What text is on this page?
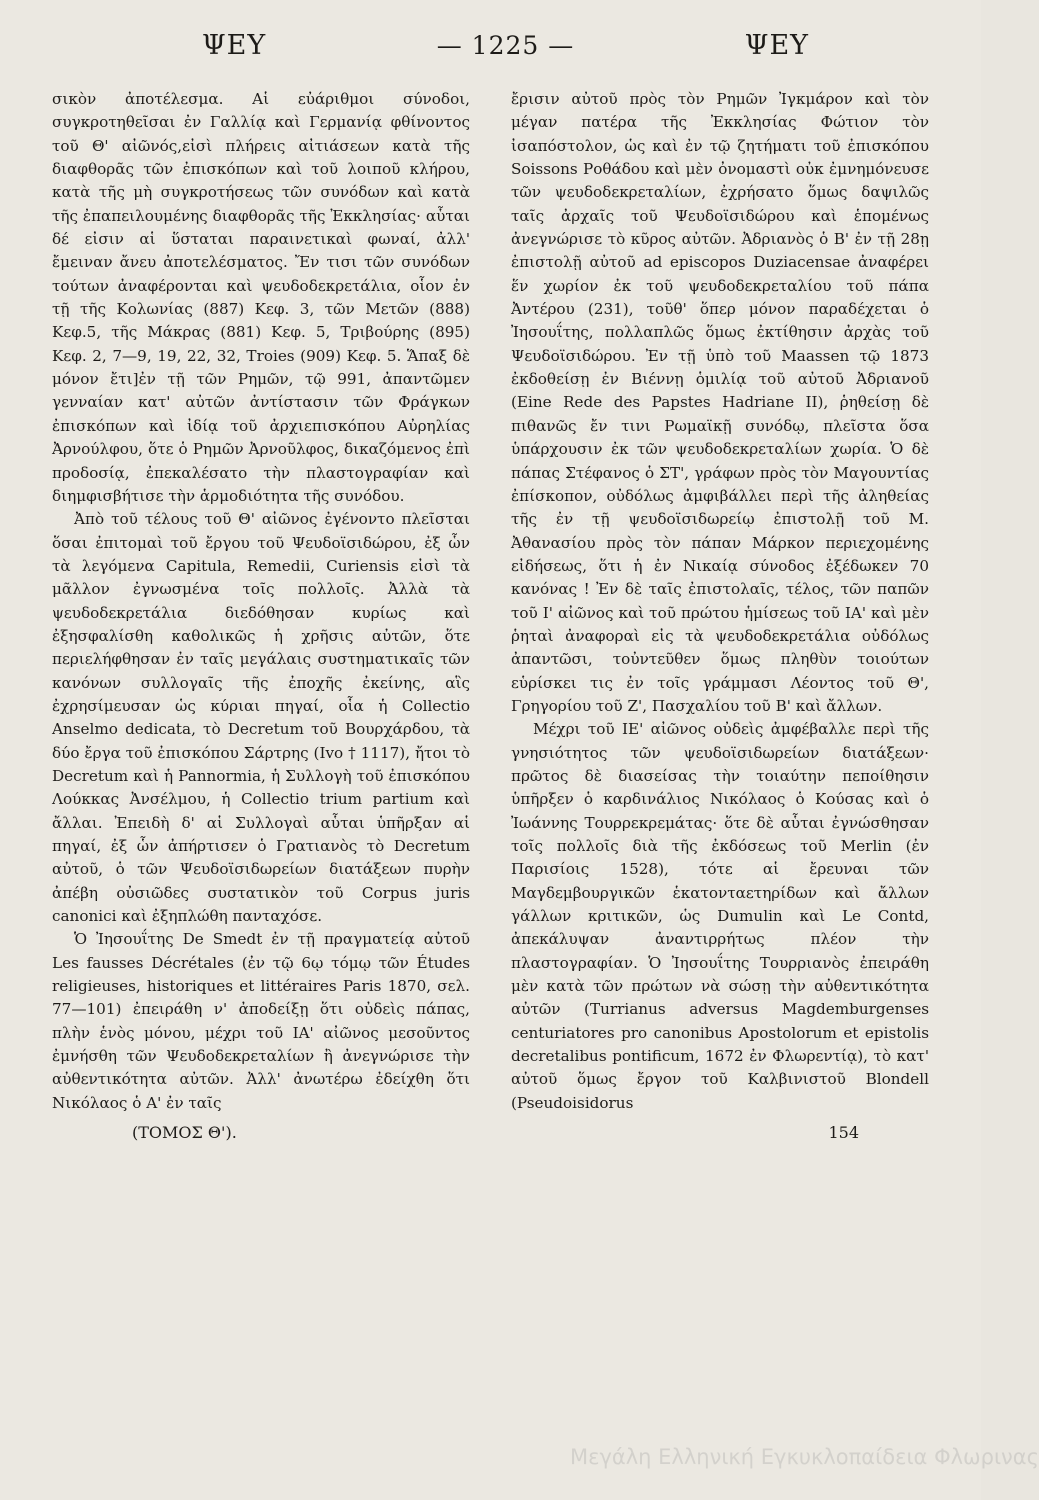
ΨΕΥ	— 1225 —	ΨΕΥ

σικὸν ἀποτέλεσμα. Αἱ εὐάριθμοι σύνοδοι, συγκροτηθεῖσαι ἐν Γαλλίᾳ καὶ Γερμανίᾳ φθίνοντος τοῦ Θ' αἰῶνός,εἰσὶ πλήρεις αἰτιάσεων κατὰ τῆς διαφθορᾶς τῶν ἐπισκόπων καὶ τοῦ λοιποῦ κλήρου, κατὰ τῆς μὴ συγκροτήσεως τῶν συνόδων καὶ κατὰ τῆς ἐπαπειλουμένης διαφθορᾶς τῆς Ἐκκλησίας· αὗται δέ εἰσιν αἱ ὕσταται παραινετικαὶ φωναί, ἀλλ' ἔμειναν ἄνευ ἀποτελέσματος. Ἔν τισι τῶν συνόδων τούτων ἀναφέρονται καὶ ψευδοδεκρετάλια, οἷον ἐν τῇ τῆς Κολωνίας (887) Κεφ. 3, τῶν Μετῶν (888) Κεφ.5, τῆς Μάκρας (881) Κεφ. 5, Τριβούρης (895) Κεφ. 2, 7—9, 19, 22, 32, Troies (909) Κεφ. 5. Ἅπαξ δὲ μόνον ἔτι]ἐν τῇ τῶν Ρημῶν, τῷ 991, ἀπαντῶμεν γενναίαν κατ' αὐτῶν ἀντίστασιν τῶν Φράγκων ἐπισκόπων καὶ ἰδίᾳ τοῦ ἀρχιεπισκόπου Αὐρηλίας Ἀρνούλφου, ὅτε ὁ Ρημῶν Ἀρνοῦλφος, δικαζόμενος ἐπὶ προδοσίᾳ, ἐπεκαλέσατο τὴν πλαστογραφίαν καὶ διημφισβήτισε τὴν ἁρμοδιότητα τῆς συνόδου.

Ἀπὸ τοῦ τέλους τοῦ Θ' αἰῶνος ἐγένοντο πλεῖσται ὅσαι ἐπιτομαὶ τοῦ ἔργου τοῦ Ψευδοϊσιδώρου, ἐξ ὧν τὰ λεγόμενα Capitula, Remedii, Curiensis εἰσὶ τὰ μᾶλλον ἐγνωσμένα τοῖς πολλοῖς. Ἀλλὰ τὰ ψευδοδεκρετάλια διεδόθησαν κυρίως καὶ ἐξησφαλίσθη καθολικῶς ἡ χρῆσις αὐτῶν, ὅτε περιελήφθησαν ἐν ταῖς μεγάλαις συστηματικαῖς τῶν κανόνων συλλογαῖς τῆς ἐποχῆς ἐκείνης, αἳς ἐχρησίμευσαν ὡς κύριαι πηγαί, οἷα ἡ Collectio Anselmo dedicata, τὸ Decretum τοῦ Βουρχάρδου, τὰ δύο ἔργα τοῦ ἐπισκόπου Σάρτρης (Ivo † 1117), ἤτοι τὸ Decretum καὶ ἡ Pannormia, ἡ Συλλογὴ τοῦ ἐπισκόπου Λούκκας Ἀνσέλμου, ἡ Collectio trium partium καὶ ἄλλαι. Ἐπειδὴ δ' αἱ Συλλογαὶ αὗται ὑπῆρξαν αἱ πηγαί, ἐξ ὧν ἀπήρτισεν ὁ Γρατιανὸς τὸ Decretum αὐτοῦ, ὁ τῶν Ψευδοϊσιδωρείων διατάξεων πυρὴν ἀπέβη οὐσιῶδες συστατικὸν τοῦ Corpus juris canonici καὶ ἐξηπλώθη πανταχόσε.

Ὁ Ἰησουΐτης De Smedt ἐν τῇ πραγματείᾳ αὐτοῦ Les fausses Décrétales (ἐν τῷ 6ῳ τόμῳ τῶν Études religieuses, historiques et littéraires Paris 1870, σελ. 77—101) ἐπειράθη ν' ἀποδείξῃ ὅτι οὐδεὶς πάπας, πλὴν ἑνὸς μόνου, μέχρι τοῦ ΙΑ' αἰῶνος μεσοῦντος ἐμνήσθη τῶν Ψευδοδεκρεταλίων ἢ ἀνεγνώρισε τὴν αὐθεντικότητα αὐτῶν. Ἀλλ' ἀνωτέρω ἐδείχθη ὅτι Νικόλαος ὁ Α' ἐν ταῖς

ἔρισιν αὐτοῦ πρὸς τὸν Ρημῶν Ἰγκμάρον καὶ τὸν μέγαν πατέρα τῆς Ἐκκλησίας Φώτιον τὸν ἰσαπόστολον, ὡς καὶ ἐν τῷ ζητήματι τοῦ ἐπισκόπου Soissons Ροθάδου καὶ μὲν ὀνομαστὶ οὐκ ἐμνημόνευσε τῶν ψευδοδεκρεταλίων, ἐχρήσατο ὅμως δαψιλῶς ταῖς ἀρχαῖς τοῦ Ψευδοϊσιδώρου καὶ ἑπομένως ἀνεγνώρισε τὸ κῦρος αὐτῶν. Ἀδριανὸς ὁ Β' ἐν τῇ 28ῃ ἐπιστολῇ αὐτοῦ ad episcopos Duziacensae ἀναφέρει ἕν χωρίον ἐκ τοῦ ψευδοδεκρεταλίου τοῦ πάπα Ἀντέρου (231), τοῦθ' ὅπερ μόνον παραδέχεται ὁ Ἰησουΐτης, πολλαπλῶς ὅμως ἐκτίθησιν ἀρχὰς τοῦ Ψευδοϊσιδώρου. Ἐν τῇ ὑπὸ τοῦ Maassen τῷ 1873 ἐκδοθείσῃ ἐν Βιέννῃ ὁμιλίᾳ τοῦ αὐτοῦ Ἀδριανοῦ (Eine Rede des Papstes Hadriane II), ῥηθείσῃ δὲ πιθανῶς ἔν τινι Ρωμαϊκῇ συνόδῳ, πλεῖστα ὅσα ὑπάρχουσιν ἐκ τῶν ψευδοδεκρεταλίων χωρία. Ὁ δὲ πάπας Στέφανος ὁ ΣΤ', γράφων πρὸς τὸν Μαγουντίας ἐπίσκοπον, οὐδόλως ἀμφιβάλλει περὶ τῆς ἀληθείας τῆς ἐν τῇ ψευδοϊσιδωρείῳ ἐπιστολῇ τοῦ Μ. Ἀθανασίου πρὸς τὸν πάπαν Μάρκον περιεχομένης εἰδήσεως, ὅτι ἡ ἐν Νικαίᾳ σύνοδος ἐξέδωκεν 70 κανόνας ! Ἐν δὲ ταῖς ἐπιστολαῖς, τέλος, τῶν παπῶν τοῦ Ι' αἰῶνος καὶ τοῦ πρώτου ἡμίσεως τοῦ ΙΑ' καὶ μὲν ῥηταὶ ἀναφοραὶ εἰς τὰ ψευδοδεκρετάλια οὐδόλως ἀπαντῶσι, τοὐντεῦθεν ὅμως πληθὺν τοιούτων εὑρίσκει τις ἐν τοῖς γράμμασι Λέοντος τοῦ Θ', Γρηγορίου τοῦ Ζ', Πασχαλίου τοῦ Β' καὶ ἄλλων.

Μέχρι τοῦ ΙΕ' αἰῶνος οὐδεὶς ἀμφέβαλλε περὶ τῆς γνησιότητος τῶν ψευδοϊσιδωρείων διατάξεων· πρῶτος δὲ διασείσας τὴν τοιαύτην πεποίθησιν ὑπῆρξεν ὁ καρδινάλιος Νικόλαος ὁ Κούσας καὶ ὁ Ἰωάννης Τουρρεκρεμάτας· ὅτε δὲ αὗται ἐγνώσθησαν τοῖς πολλοῖς διὰ τῆς ἐκδόσεως τοῦ Merlin (ἐν Παρισίοις 1528), τότε αἱ ἔρευναι τῶν Μαγδεμβουργικῶν ἑκατονταετηρίδων καὶ ἄλλων γάλλων κριτικῶν, ὡς Dumulin καὶ Le Contd, ἀπεκάλυψαν ἀναντιρρήτως πλέον τὴν πλαστογραφίαν. Ὁ Ἰησουΐτης Τουρριανὸς ἐπειράθη μὲν κατὰ τῶν πρώτων νὰ σώσῃ τὴν αὐθεντικότητα αὐτῶν (Turrianus adversus Magdemburgenses centuriatores pro canonibus Apostolorum et epistolis decretalibus pontificum, 1672 ἐν Φλωρεντίᾳ), τὸ κατ' αὐτοῦ ὅμως ἔργον τοῦ Καλβινιστοῦ Blondell (Pseudoisidorus

(ΤΟΜΟΣ Θ').	154
Μεγάλη Ελληνική Εγκυκλοπαίδεια Φλωρινας
